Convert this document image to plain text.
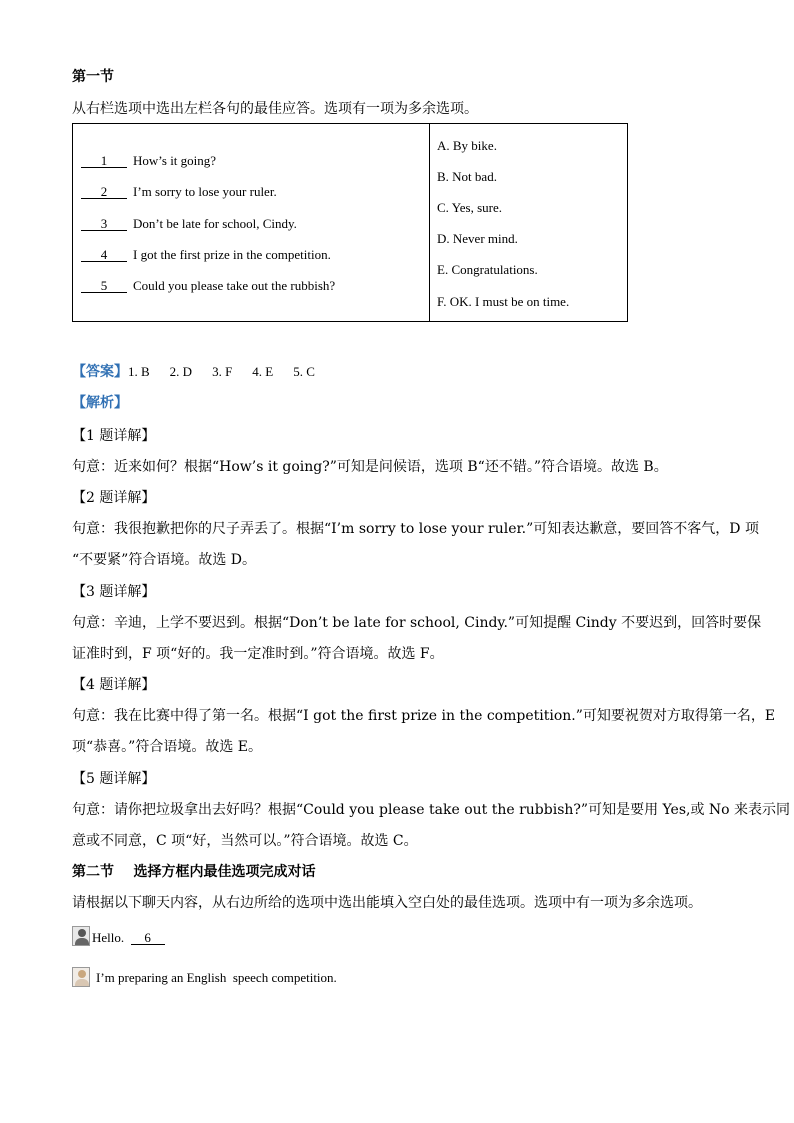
第一节
从右栏选项中选出左栏各句的最佳应答。选项有一项为多余选项。
1 How’s it going?
2 I’m sorry to lose your ruler.
3 Don’t be late for school, Cindy.
4 I got the first prize in the competition.
5 Could you please take out the rubbish?
A. By bike.
B. Not bad.
C. Yes, sure.
D. Never mind.
E. Congratulations.
F. OK. I must be on time.
【答案】1. B 2. D 3. F 4. E 5. C
【解析】
【1 题详解】
句意：近来如何？根据“How’s it going?”可知是问候语，选项 B“还不错。”符合语境。故选 B。
【2 题详解】
句意：我很抱歉把你的尺子弄丢了。根据“I’m sorry to lose your ruler.”可知表达歉意，要回答不客气，D 项
“不要紧”符合语境。故选 D。
【3 题详解】
句意：辛迪，上学不要迟到。根据“Don’t be late for school, Cindy.”可知提醒 Cindy 不要迟到，回答时要保
证准时到，F 项“好的。我一定准时到。”符合语境。故选 F。
【4 题详解】
句意：我在比赛中得了第一名。根据“I got the first prize in the competition.”可知要祝贺对方取得第一名，E
项“恭喜。”符合语境。故选 E。
【5 题详解】
句意：请你把垃圾拿出去好吗？根据“Could you please take out the rubbish?”可知是要用 Yes,或 No 来表示同
意或不同意，C 项“好，当然可以。”符合语境。故选 C。
第二节    选择方框内最佳选项完成对话
请根据以下聊天内容，从右边所给的选项中选出能填入空白处的最佳选项。选项中有一项为多余选项。
Hello.  6
I’m preparing an English  speech competition.
